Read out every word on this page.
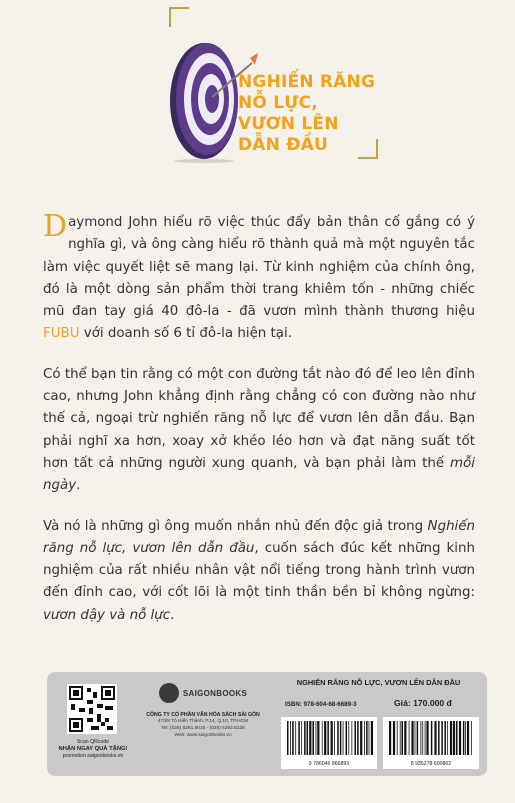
NGHIẾN RĂNG
NỖ LỰC,
VƯƠN LÊN
DẪN ĐẦU

Daymond John hiểu rõ việc thúc đẩy bản thân cố gắng có ý nghĩa gì, và ông càng hiểu rõ thành quả mà một nguyên tắc làm việc quyết liệt sẽ mang lại. Từ kinh nghiệm của chính ông, đó là một dòng sản phẩm thời trang khiêm tốn - những chiếc mũ đan tay giá 40 đô-la - đã vươn mình thành thương hiệu FUBU với doanh số 6 tỉ đô-la hiện tại.

Có thể bạn tin rằng có một con đường tắt nào đó để leo lên đỉnh cao, nhưng John khẳng định rằng chẳng có con đường nào như thế cả, ngoại trừ nghiến răng nỗ lực để vươn lên dẫn đầu. Bạn phải nghĩ xa hơn, xoay xở khéo léo hơn và đạt năng suất tốt hơn tất cả những người xung quanh, và bạn phải làm thế mỗi ngày.

Và nó là những gì ông muốn nhắn nhủ đến độc giả trong Nghiến răng nỗ lực, vươn lên dẫn đầu, cuốn sách đúc kết những kinh nghiệm của rất nhiều nhân vật nổi tiếng trong hành trình vươn đến đỉnh cao, với cốt lõi là một tinh thần bền bỉ không ngừng: vươn dậy và nỗ lực.

Scan QRcode
NHẬN NGAY QUÀ TẶNG!
promotion.saigonbooks.vn
SAIGONBOOKS
CÔNG TY CỔ PHẦN VĂN HÓA SÁCH SÀI GÒN
473/8 Tô Hiến Thành, P.14, Q.10, TP.HCM
Tel: (028) 6281.5016 - (028) 6293.8228
Web: www.saigonbooks.vn
NGHIẾN RĂNG NỖ LỰC, VƯƠN LÊN DẪN ĐẦU
ISBN: 978-604-68-6689-3	Giá: 170.000 đ
9 786046 866893	8 935278 600862
